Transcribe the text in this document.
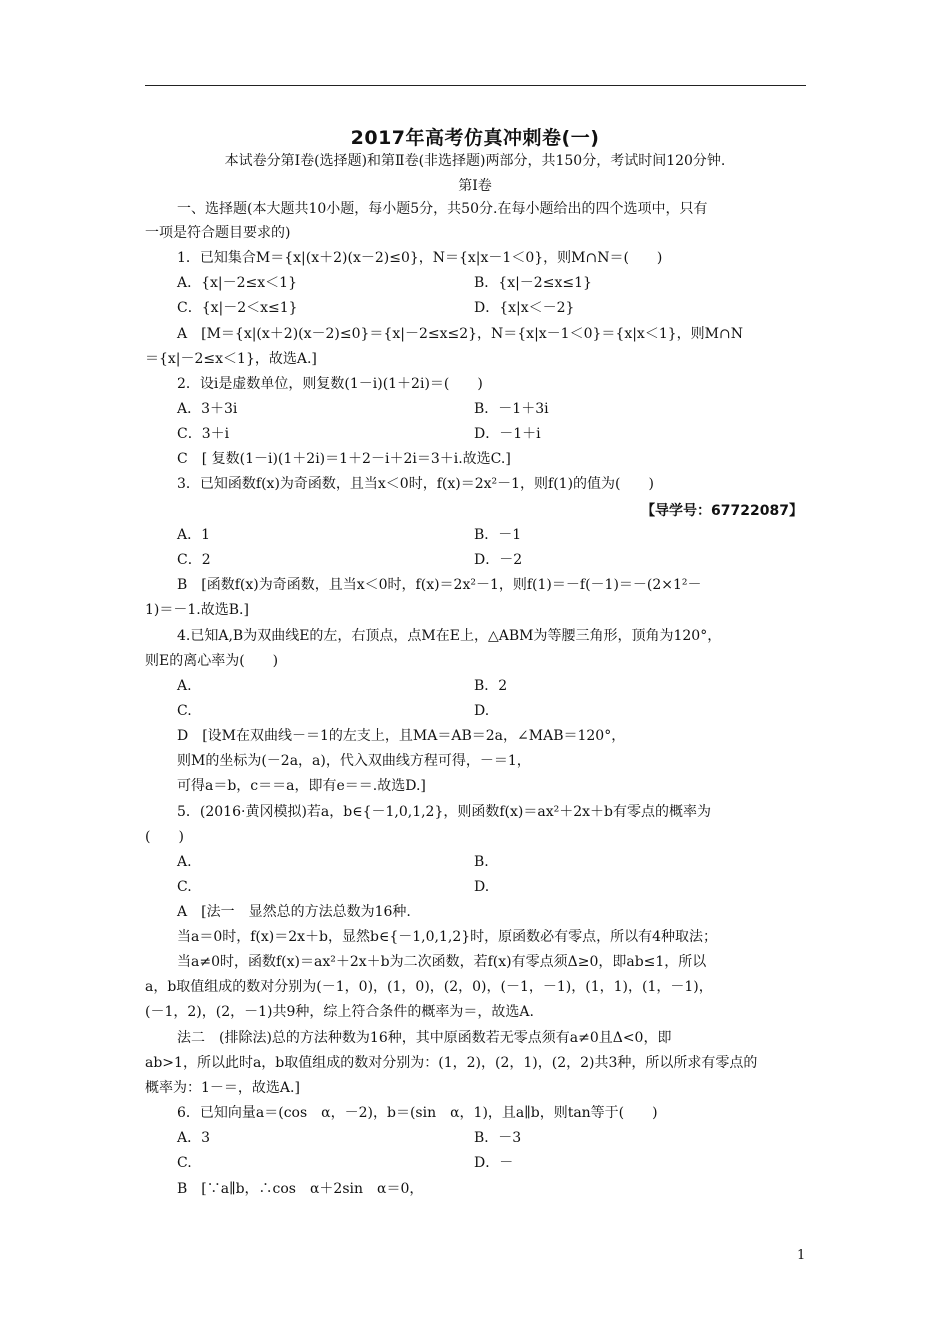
2017年高考仿真冲刺卷(一)
本试卷分第Ⅰ卷(选择题)和第Ⅱ卷(非选择题)两部分，共150分，考试时间120分钟.
第Ⅰ卷
一、选择题(本大题共10小题，每小题5分，共50分.在每小题给出的四个选项中，只有
一项是符合题目要求的)
1．已知集合M＝{x|(x＋2)(x－2)≤0}，N＝{x|x－1＜0}，则M∩N＝(　　)
A．{x|－2≤x＜1}	B．{x|－2≤x≤1}
C．{x|－2＜x≤1}	D．{x|x＜－2}
A　[M＝{x|(x＋2)(x－2)≤0}＝{x|－2≤x≤2}，N＝{x|x－1＜0}＝{x|x＜1}，则M∩N
＝{x|－2≤x＜1}，故选A.]
2．设i是虚数单位，则复数(1－i)(1＋2i)＝(　　)
A．3＋3i	B．－1＋3i
C．3＋i	D．－1＋i
C　[ 复数(1－i)(1＋2i)＝1＋2－i＋2i＝3＋i.故选C.]
3．已知函数f(x)为奇函数，且当x＜0时，f(x)＝2x²－1，则f(1)的值为(　　)
【导学号：67722087】
A．1	B．－1
C．2	D．－2
B　[函数f(x)为奇函数，且当x＜0时，f(x)＝2x²－1，则f(1)＝－f(－1)＝－(2×1²－
1)＝－1.故选B.]
4.已知A,B为双曲线E的左，右顶点，点M在E上，△ABM为等腰三角形，顶角为120°，
则E的离心率为(　　)
A.	B．2
C.	D.
D　[设M在双曲线－＝1的左支上，且MA＝AB＝2a，∠MAB＝120°，
则M的坐标为(－2a，a)，代入双曲线方程可得，－＝1，
可得a＝b，c＝＝a，即有e＝＝.故选D.]
5．(2016·黄冈模拟)若a，b∈{－1,0,1,2}，则函数f(x)＝ax²＋2x＋b有零点的概率为
(　　)
A.	B.
C.	D.
A　[法一　显然总的方法总数为16种.
当a＝0时，f(x)＝2x＋b，显然b∈{－1,0,1,2}时，原函数必有零点，所以有4种取法；
当a≠0时，函数f(x)＝ax²＋2x＋b为二次函数，若f(x)有零点须Δ≥0，即ab≤1，所以
a，b取值组成的数对分别为(－1，0)，(1，0)，(2，0)，(－1，－1)，(1，1)，(1，－1)，
(－1，2)，(2，－1)共9种，综上符合条件的概率为＝，故选A.
法二　(排除法)总的方法种数为16种，其中原函数若无零点须有a≠0且Δ<0，即
ab>1，所以此时a，b取值组成的数对分别为：(1，2)，(2，1)，(2，2)共3种，所以所求有零点的
概率为：1－＝，故选A.]
6．已知向量a＝(cos　α，－2)，b＝(sin　α，1)，且a∥b，则tan等于(　　)
A．3	B．－3
C.	D．－
B　[∵a∥b，∴cos　α＋2sin　α＝0，
1
